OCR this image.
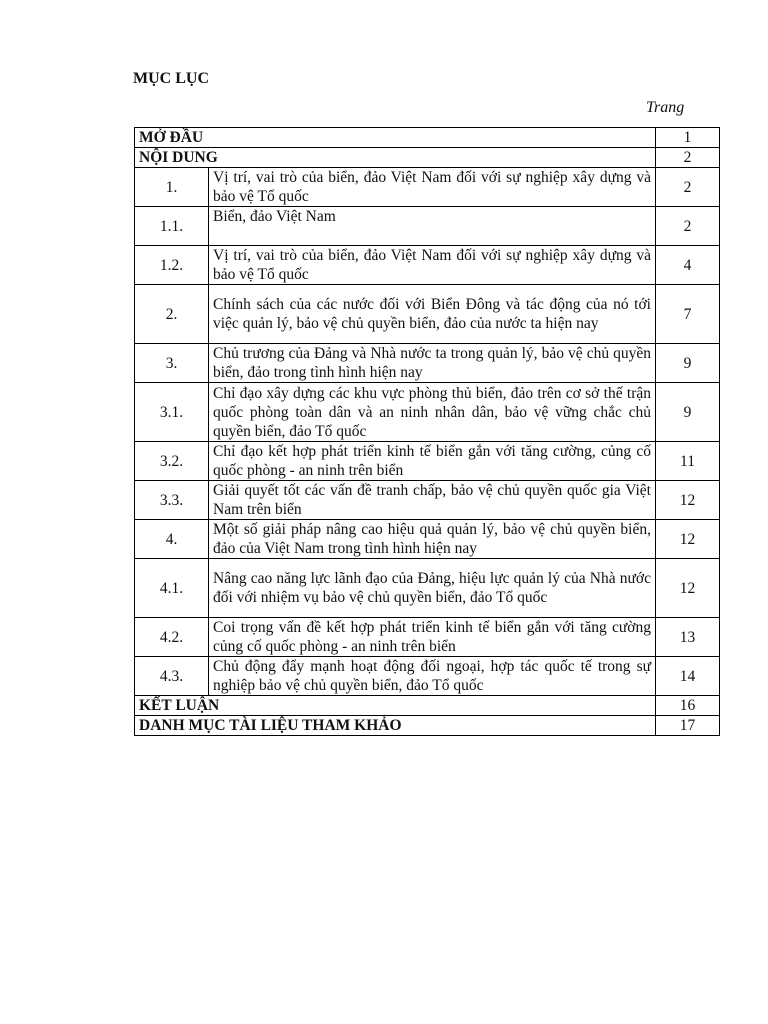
MỤC LỤC
Trang
MỞ ĐẦU		1
NỘI DUNG		2
1.	Vị trí, vai trò của biển, đảo Việt Nam đối với sự nghiệp xây dựng và bảo vệ Tổ quốc	2
1.1.	Biển, đảo Việt Nam	2
1.2.	Vị trí, vai trò của biển, đảo Việt Nam đối với sự nghiệp xây dựng và bảo vệ Tổ quốc	4
2.	Chính sách của các nước đối với Biển Đông và tác động của nó tới việc quản lý, bảo vệ chủ quyền biển, đảo của nước ta hiện nay	7
3.	Chủ trương của Đảng và Nhà nước ta trong quản lý, bảo vệ chủ quyền biển, đảo trong tình hình hiện nay	9
3.1.	Chỉ đạo xây dựng các khu vực phòng thủ biển, đảo trên cơ sở thế trận quốc phòng toàn dân và an ninh nhân dân, bảo vệ vững chắc chủ quyền biển, đảo Tổ quốc	9
3.2.	Chỉ đạo kết hợp phát triển kinh tế biển gắn với tăng cường, củng cố quốc phòng - an ninh trên biển	11
3.3.	Giải quyết tốt các vấn đề tranh chấp, bảo vệ chủ quyền quốc gia Việt Nam trên biển	12
4.	Một số giải pháp nâng cao hiệu quả quản lý, bảo vệ chủ quyền biển, đảo của Việt Nam trong tình hình hiện nay	12
4.1.	Nâng cao năng lực lãnh đạo của Đảng, hiệu lực quản lý của Nhà nước đối với nhiệm vụ bảo vệ chủ quyền biển, đảo Tổ quốc	12
4.2.	Coi trọng vấn đề kết hợp phát triển kinh tế biển gắn với tăng cường củng cố quốc phòng - an ninh trên biển	13
4.3.	Chủ động đẩy mạnh hoạt động đối ngoại, hợp tác quốc tế trong sự nghiệp bảo vệ chủ quyền biển, đảo Tổ quốc	14
KẾT LUẬN		16
DANH MỤC TÀI LIỆU THAM KHẢO		17
